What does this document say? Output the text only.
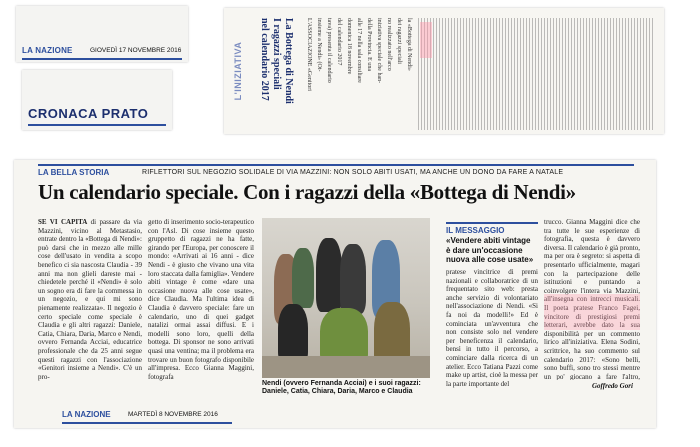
LA NAZIONE	GIOVEDÌ 17 NOVEMBRE 2016
CRONACA PRATO
L'INIZIATIVA	La Bottega di Nendi
I ragazzi speciali
nel calendario 2017	L'ASSOCIAZIONE «Genitori insieme a Nendi» (Ot- tava) presenta il calendario del calendario 2017 domenica 18 novembre alle 17 nella sala consiliare della Provincia. E una iniziativa speciale che han- no realizzato nell'arco dei ragazzi speciali la «Bottega di Nendi»
LA BELLA STORIA	RIFLETTORI SUL NEGOZIO SOLIDALE DI VIA MAZZINI: NON SOLO ABITI USATI, MA ANCHE UN DONO DA FARE A NATALE
Un calendario speciale. Con i ragazzi della «Bottega di Nendi»
SE VI CAPITA di passare da via Mazzini, vicino al Metastasio, entrate dentro la «Bottega di Nendi»: può darsi che in mezzo alle mille cose dell'usato in vendita a scopo benefico ci sia nascosta Claudia - 39 anni ma non glieli dareste mai - chiedetele perché il «Nendi» è solo un sogno era di fare la commessa in un negozio, e qui mi sono pienamente realizzata». Il negozio è certo speciale come speciale è Claudia e gli altri ragazzi: Daniele, Catia, Chiara, Daria, Marco e Nendi, ovvero Fernanda Acciai, educatrice professionale che da 25 anni segue questi ragazzi con l'associazione «Genitori insieme a Nendi». C'è un pro-
getto di inserimento socio-terapeutico con l'Asl. Di cose insieme questo gruppetto di ragazzi ne ha fatte, girando per l'Europa, per conoscere il mondo: «Arrivati ai 16 anni - dice Nendi - è giusto che vivano una vita loro staccata dalla famiglia». Vendere abiti vintage è come «dare una occasione nuova alle cose usate», dice Claudia. Ma l'ultima idea di Claudia è davvero speciale: fare un calendario, uno di quei gadget natalizi ormai assai diffusi. E i modelli sono loro, quelli della bottega. Di sponsor ne sono arrivati quasi una ventina; ma il problema era trovare un buon fotografo disponibile all'impresa. Ecco Gianna Maggini, fotografa
Nendi (ovvero Fernanda Acciai) e i suoi ragazzi: Daniele, Catia, Chiara, Daria, Marco e Claudia
IL MESSAGGIO
«Vendere abiti vintage è dare un'occasione nuova alle cose usate»
pratese vincitrice di premi nazionali e collaboratrice di un frequentato sito web: presta anche servizio di volontariato nell'associazione di Nendi. «Si fa noi da modelli!» Ed è cominciata un'avventura che non consiste solo nel vendere per beneficenza il calendario, bensì in tutto il percorso, a cominciare dalla ricerca di un atelier. Ecco Tatiana Pazzi come make up artist, cioè la messa per la parte importante del
trucco. Gianna Maggini dice che tra tutte le sue esperienze di fotografia, questa è davvero diversa. Il calendario è già pronto, ma per ora è segreto: si aspetta di presentarlo ufficialmente, magari con la partecipazione delle istituzioni e puntando a coinvolgere l'intera via Mazzini, all'insegna con intrecci musicali. Il poeta pratese Franco Fagei, vincitore di prestigiosi premi letterari, avrebbe dato la sua disponibilità per un commento lirico all'iniziativa. Elena Sodini, scrittrice, ha suo commento sul calendario 2017: «Sono belli, sono buffi, sono tro stessi mentre un po' giocano a fare l'altro,
Goffredo Gori
LA NAZIONE	MARTEDÌ 8 NOVEMBRE 2016
